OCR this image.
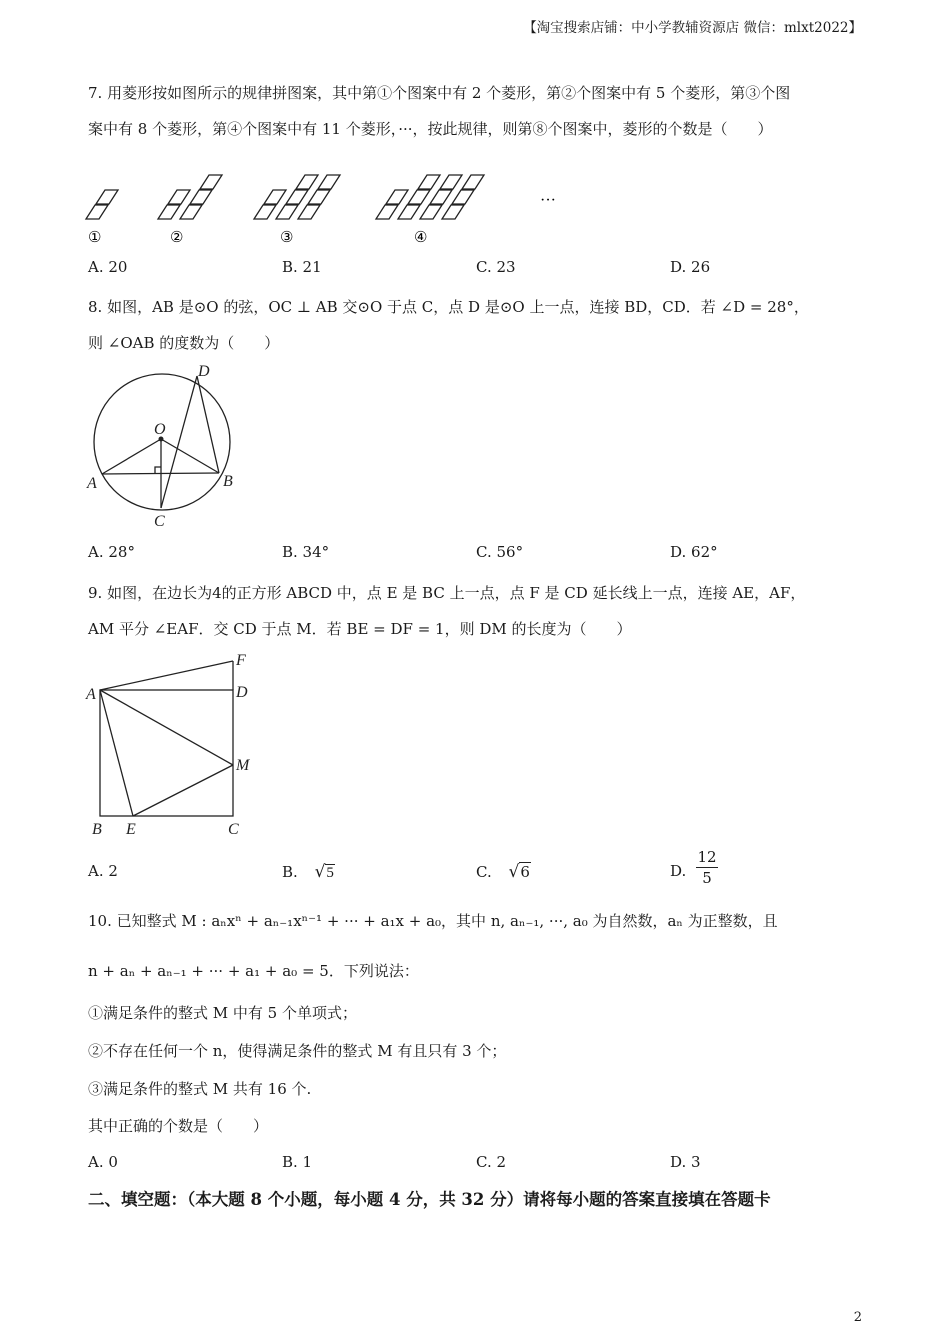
【淘宝搜索店铺：中小学教辅资源店 微信：mlxt2022】
7. 用菱形按如图所示的规律拼图案，其中第①个图案中有 2 个菱形，第②个图案中有 5 个菱形，第③个图
案中有 8 个菱形，第④个图案中有 11 个菱形，···，按此规律，则第⑧个图案中，菱形的个数是（　　）
···
①	②	③	④
A. 20	B. 21	C. 23	D. 26
8. 如图，AB 是⊙O 的弦，OC ⊥ AB 交⊙O 于点 C，点 D 是⊙O 上一点，连接 BD，CD．若 ∠D = 28°，
则 ∠OAB 的度数为（　　）
D
O
A	B
C
A. 28°	B. 34°	C. 56°	D. 62°
9. 如图，在边长为4的正方形 ABCD 中，点 E 是 BC 上一点，点 F 是 CD 延长线上一点，连接 AE，AF，
AM 平分 ∠EAF．交 CD 于点 M．若 BE = DF = 1，则 DM 的长度为（　　）
F
D
A
M
B E	C
A. 2	B. √5	C. √6	D.
12
5
10. 已知整式 M : aₙxⁿ + aₙ₋₁xⁿ⁻¹ + ··· + a₁x + a₀，其中 n, aₙ₋₁, ···, a₀ 为自然数，aₙ 为正整数，且
n + aₙ + aₙ₋₁ + ··· + a₁ + a₀ = 5．下列说法：
①满足条件的整式 M 中有 5 个单项式；
②不存在任何一个 n，使得满足条件的整式 M 有且只有 3 个；
③满足条件的整式 M 共有 16 个.
其中正确的个数是（　　）
A. 0	B. 1	C. 2	D. 3
二、填空题：（本大题 8 个小题，每小题 4 分，共 32 分）请将每小题的答案直接填在答题卡
2
